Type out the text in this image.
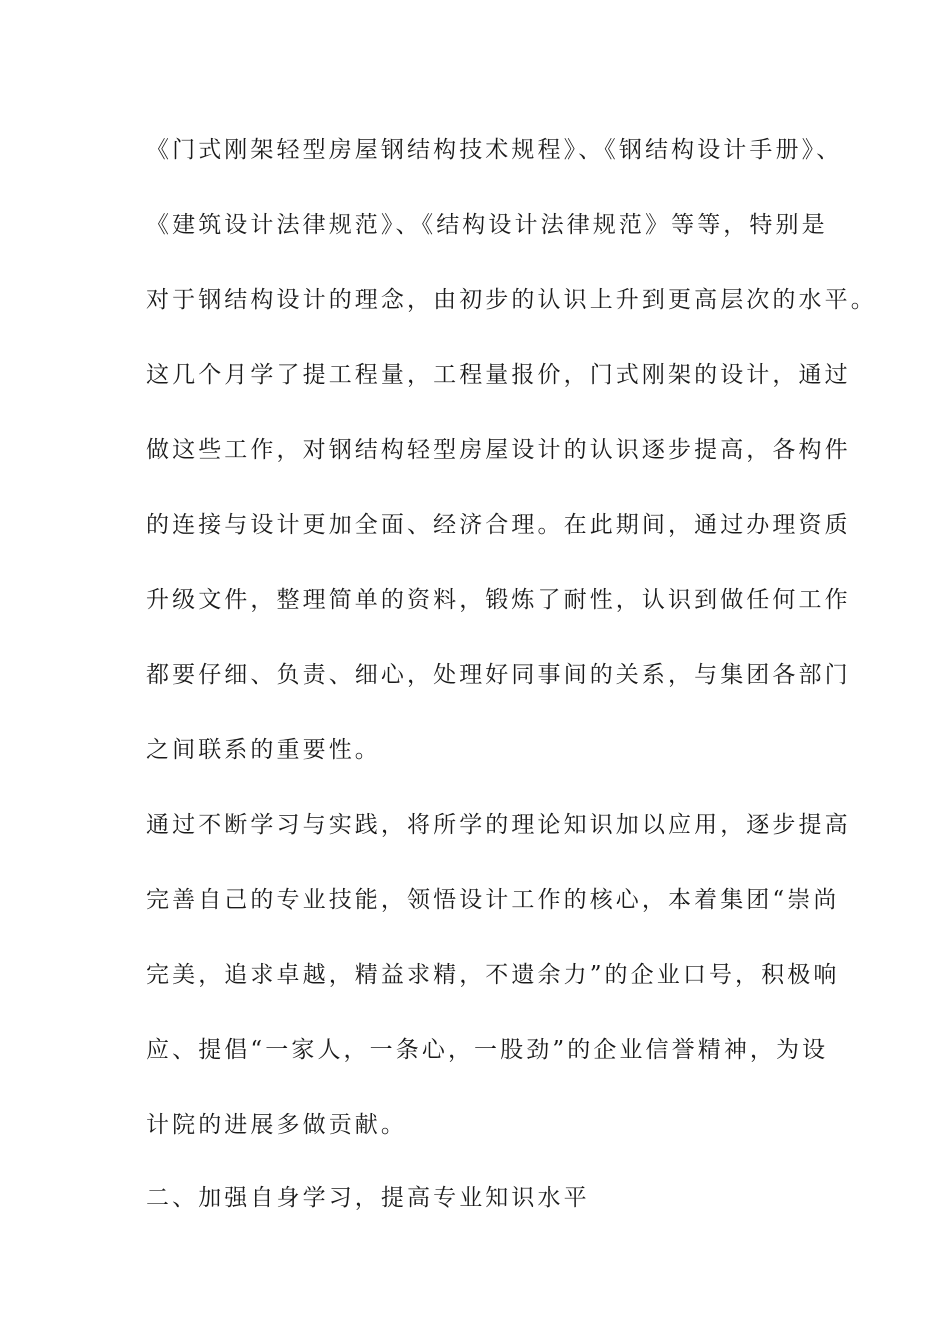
《门式刚架轻型房屋钢结构技术规程》、《钢结构设计手册》、
《建筑设计法律规范》、《结构设计法律规范》等等，特别是
对于钢结构设计的理念，由初步的认识上升到更高层次的水平。
这几个月学了提工程量，工程量报价，门式刚架的设计，通过
做这些工作，对钢结构轻型房屋设计的认识逐步提高，各构件
的连接与设计更加全面、经济合理。在此期间，通过办理资质
升级文件，整理简单的资料，锻炼了耐性，认识到做任何工作
都要仔细、负责、细心，处理好同事间的关系，与集团各部门
之间联系的重要性。
通过不断学习与实践，将所学的理论知识加以应用，逐步提高
完善自己的专业技能，领悟设计工作的核心，本着集团“崇尚
完美，追求卓越，精益求精，不遗余力”的企业口号，积极响
应、提倡“一家人，一条心，一股劲”的企业信誉精神，为设
计院的进展多做贡献。
二、加强自身学习，提高专业知识水平
